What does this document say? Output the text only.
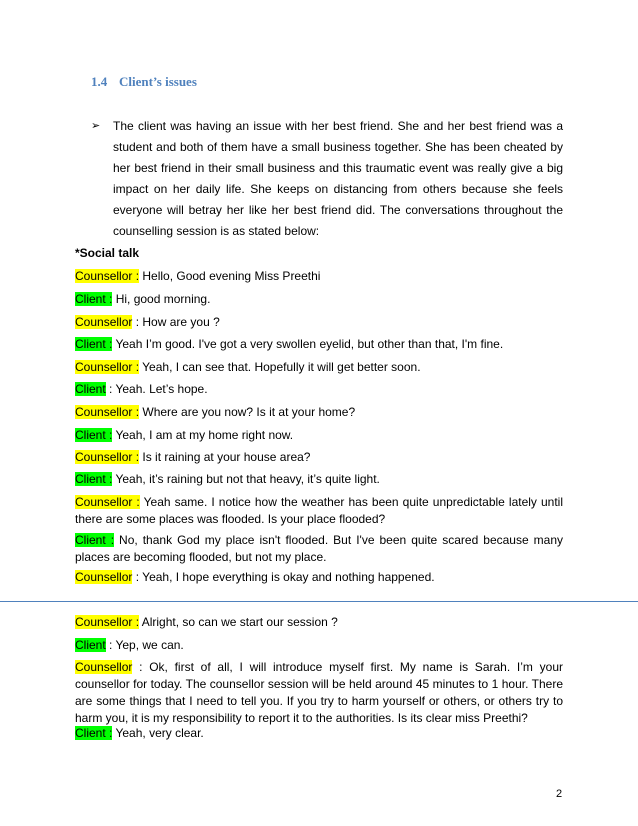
1.4 Client’s issues
➢ The client was having an issue with her best friend. She and her best friend was a student and both of them have a small business together. She has been cheated by her best friend in their small business and this traumatic event was really give a big impact on her daily life. She keeps on distancing from others because she feels everyone will betray her like her best friend did. The conversations throughout the counselling session is as stated below:
*Social talk
Counsellor : Hello, Good evening Miss Preethi
Client : Hi, good morning.
Counsellor : How are you ?
Client : Yeah I’m good. I've got a very swollen eyelid, but other than that, I'm fine.
Counsellor : Yeah, I can see that. Hopefully it will get better soon.
Client : Yeah. Let’s hope.
Counsellor : Where are you now? Is it at your home?
Client : Yeah, I am at my home right now.
Counsellor : Is it raining at your house area?
Client : Yeah, it’s raining but not that heavy, it’s quite light.
Counsellor : Yeah same. I notice how the weather has been quite unpredictable lately until there are some places was flooded. Is your place flooded?
Client : No, thank God my place isn't flooded. But I've been quite scared because many places are becoming flooded, but not my place.
Counsellor : Yeah, I hope everything is okay and nothing happened.
Counsellor : Alright, so can we start our session ?
Client : Yep, we can.
Counsellor : Ok, first of all, I will introduce myself first. My name is Sarah. I’m your counsellor for today. The counsellor session will be held around 45 minutes to 1 hour. There are some things that I need to tell you. If you try to harm yourself or others, or others try to harm you, it is my responsibility to report it to the authorities. Is its clear miss Preethi?
Client : Yeah, very clear.
2
